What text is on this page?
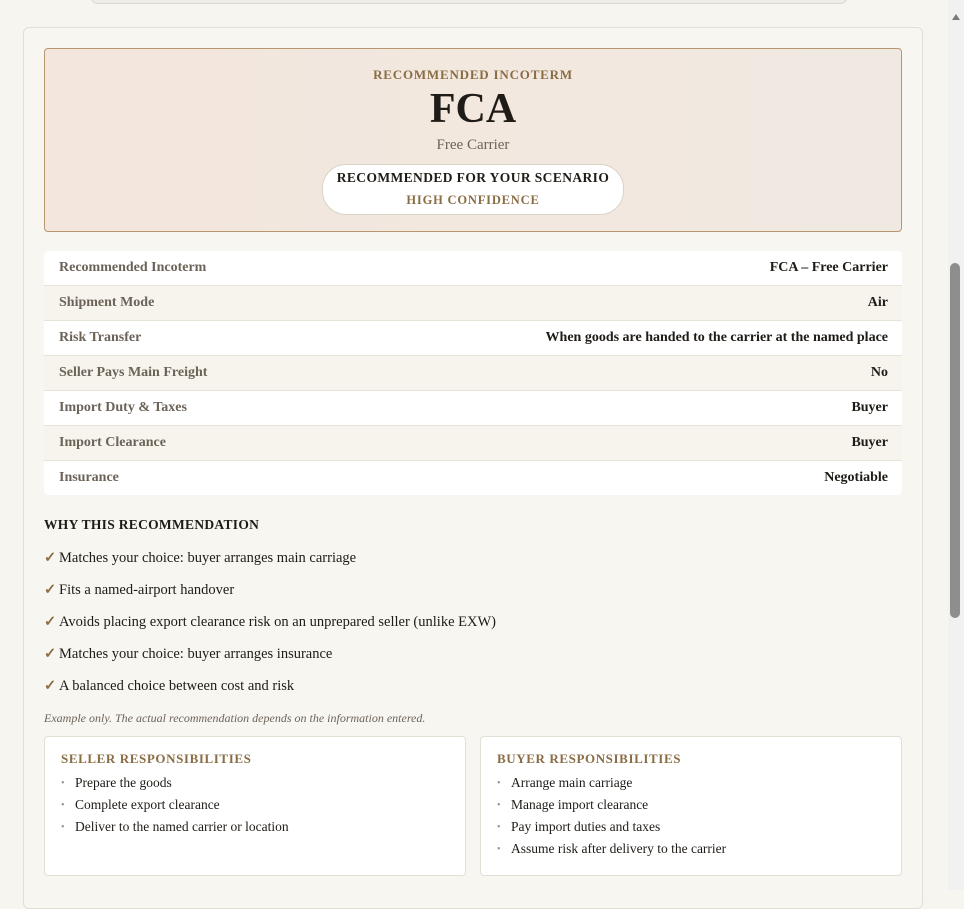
RECOMMENDED INCOTERM
FCA
Free Carrier
RECOMMENDED FOR YOUR SCENARIO
HIGH CONFIDENCE
Recommended Incoterm	FCA – Free Carrier
Shipment Mode	Air
Risk Transfer	When goods are handed to the carrier at the named place
Seller Pays Main Freight	No
Import Duty & Taxes	Buyer
Import Clearance	Buyer
Insurance	Negotiable
WHY THIS RECOMMENDATION
✓ Matches your choice: buyer arranges main carriage
✓ Fits a named-airport handover
✓ Avoids placing export clearance risk on an unprepared seller (unlike EXW)
✓ Matches your choice: buyer arranges insurance
✓ A balanced choice between cost and risk
Example only. The actual recommendation depends on the information entered.
SELLER RESPONSIBILITIES
• Prepare the goods
• Complete export clearance
• Deliver to the named carrier or location
BUYER RESPONSIBILITIES
• Arrange main carriage
• Manage import clearance
• Pay import duties and taxes
• Assume risk after delivery to the carrier
